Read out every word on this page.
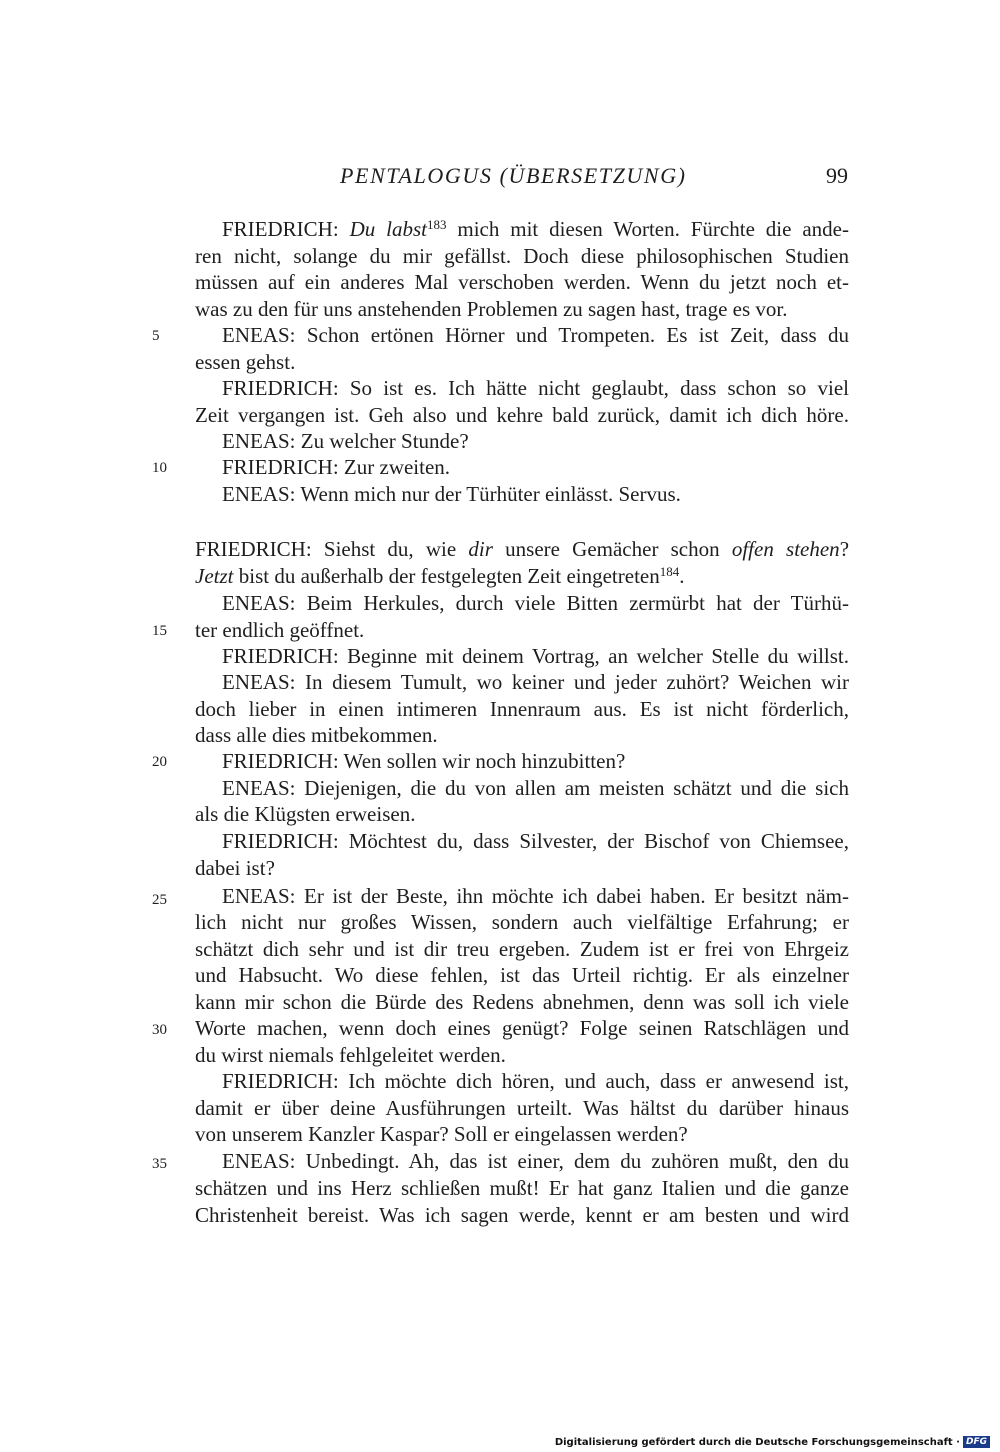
PENTALOGUS (ÜBERSETZUNG)	99
5
10
15
20
25
30
35
FRIEDRICH: Du labst$^{183}$ mich mit diesen Worten. Fürchte die ande-
ren nicht, solange du mir gefällst. Doch diese philosophischen Studien
müssen auf ein anderes Mal verschoben werden. Wenn du jetzt noch et-
was zu den für uns anstehenden Problemen zu sagen hast, trage es vor.
ENEAS: Schon ertönen Hörner und Trompeten. Es ist Zeit, dass du
essen gehst.
FRIEDRICH: So ist es. Ich hätte nicht geglaubt, dass schon so viel
Zeit vergangen ist. Geh also und kehre bald zurück, damit ich dich höre.
ENEAS: Zu welcher Stunde?
FRIEDRICH: Zur zweiten.
ENEAS: Wenn mich nur der Türhüter einlässt. Servus.
FRIEDRICH: Siehst du, wie dir unsere Gemächer schon offen stehen?
Jetzt bist du außerhalb der festgelegten Zeit eingetreten$^{184}$.
ENEAS: Beim Herkules, durch viele Bitten zermürbt hat der Türhü-
ter endlich geöffnet.
FRIEDRICH: Beginne mit deinem Vortrag, an welcher Stelle du willst.
ENEAS: In diesem Tumult, wo keiner und jeder zuhört? Weichen wir
doch lieber in einen intimeren Innenraum aus. Es ist nicht förderlich,
dass alle dies mitbekommen.
FRIEDRICH: Wen sollen wir noch hinzubitten?
ENEAS: Diejenigen, die du von allen am meisten schätzt und die sich
als die Klügsten erweisen.
FRIEDRICH: Möchtest du, dass Silvester, der Bischof von Chiemsee,
dabei ist?
ENEAS: Er ist der Beste, ihn möchte ich dabei haben. Er besitzt näm-
lich nicht nur großes Wissen, sondern auch vielfältige Erfahrung; er
schätzt dich sehr und ist dir treu ergeben. Zudem ist er frei von Ehrgeiz
und Habsucht. Wo diese fehlen, ist das Urteil richtig. Er als einzelner
kann mir schon die Bürde des Redens abnehmen, denn was soll ich viele
Worte machen, wenn doch eines genügt? Folge seinen Ratschlägen und
du wirst niemals fehlgeleitet werden.
FRIEDRICH: Ich möchte dich hören, und auch, dass er anwesend ist,
damit er über deine Ausführungen urteilt. Was hältst du darüber hinaus
von unserem Kanzler Kaspar? Soll er eingelassen werden?
ENEAS: Unbedingt. Ah, das ist einer, dem du zuhören mußt, den du
schätzen und ins Herz schließen mußt! Er hat ganz Italien und die ganze
Christenheit bereist. Was ich sagen werde, kennt er am besten und wird
Digitalisierung gefördert durch die Deutsche Forschungsgemeinschaft · DFG
